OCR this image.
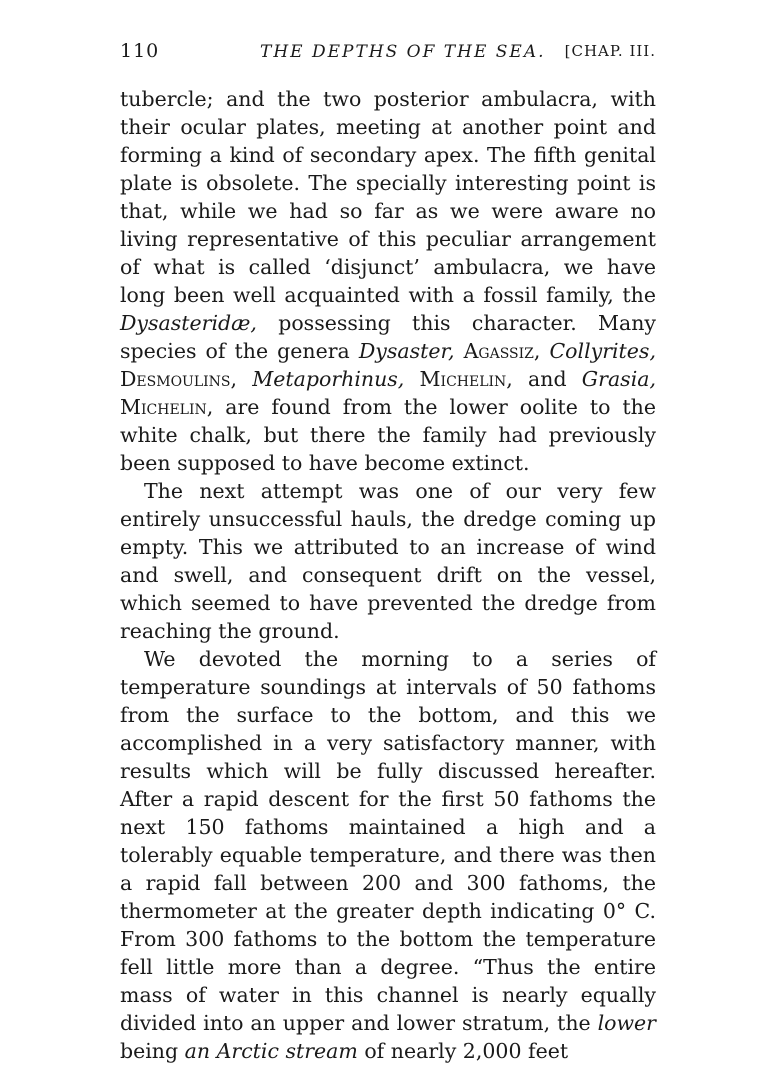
110	THE DEPTHS OF THE SEA. [CHAP. III.

tubercle; and the two posterior ambulacra, with their ocular plates, meeting at another point and forming a kind of secondary apex. The fifth genital plate is obsolete. The specially interesting point is that, while we had so far as we were aware no living representative of this peculiar arrangement of what is called ‘disjunct’ ambulacra, we have long been well acquainted with a fossil family, the Dysasteridæ, possessing this character. Many species of the genera Dysaster, Agassiz, Collyrites, Desmoulins, Metaporhinus, Michelin, and Grasia, Michelin, are found from the lower oolite to the white chalk, but there the family had previously been supposed to have become extinct.

The next attempt was one of our very few entirely unsuccessful hauls, the dredge coming up empty. This we attributed to an increase of wind and swell, and consequent drift on the vessel, which seemed to have prevented the dredge from reaching the ground.

We devoted the morning to a series of temperature soundings at intervals of 50 fathoms from the surface to the bottom, and this we accomplished in a very satisfactory manner, with results which will be fully discussed hereafter. After a rapid descent for the first 50 fathoms the next 150 fathoms maintained a high and a tolerably equable temperature, and there was then a rapid fall between 200 and 300 fathoms, the thermometer at the greater depth indicating 0° C. From 300 fathoms to the bottom the temperature fell little more than a degree. “Thus the entire mass of water in this channel is nearly equally divided into an upper and lower stratum, the lower being an Arctic stream of nearly 2,000 feet
